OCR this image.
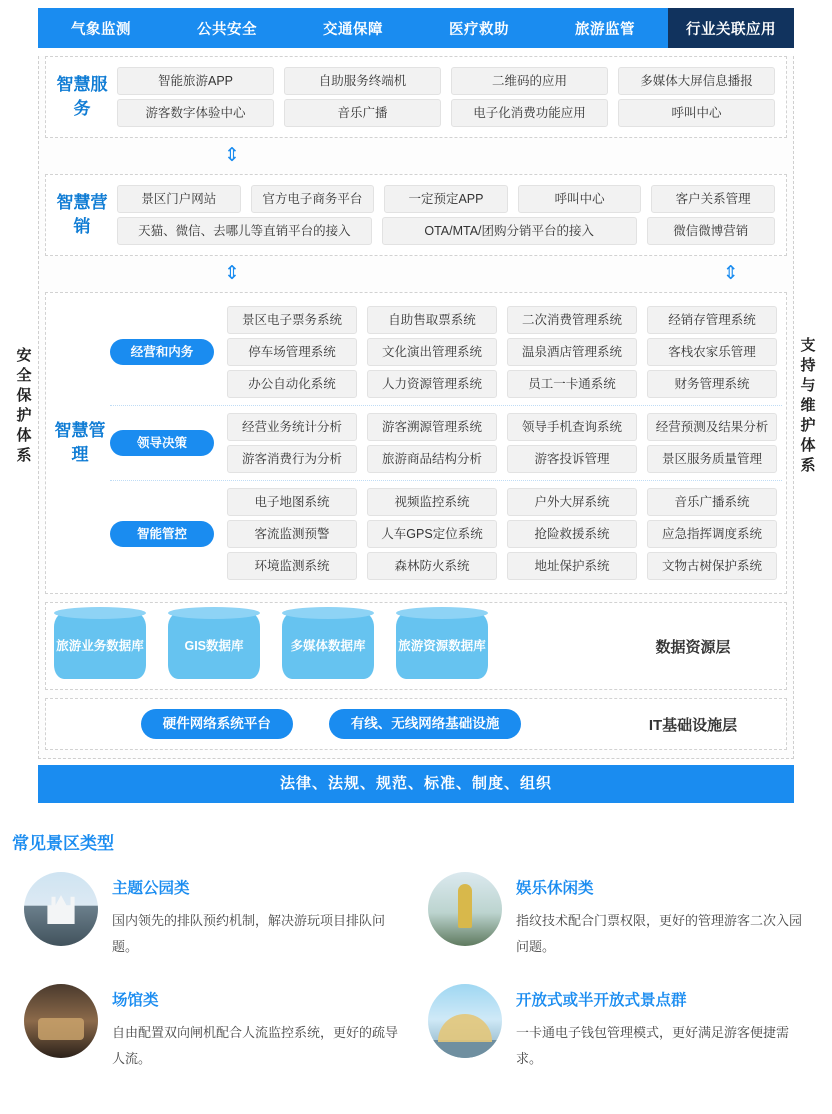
安
全
保
护
体
系
气象监测	公共安全	交通保障	医疗救助	旅游监管	行业关联应用
智慧服务
智能旅游APP	自助服务终端机	二维码的应用	多媒体大屏信息播报
游客数字体验中心	音乐广播	电子化消费功能应用	呼叫中心
⇕
智慧营销
景区门户网站	官方电子商务平台	一定预定APP	呼叫中心	客户关系管理
天猫、微信、去哪儿等直销平台的接入	OTA/MTA/团购分销平台的接入	微信微博营销
⇕	⇕
智慧管理
经营和内务
景区电子票务系统	自助售取票系统	二次消费管理系统	经销存管理系统
停车场管理系统	文化演出管理系统	温泉酒店管理系统	客栈农家乐管理
办公自动化系统	人力资源管理系统	员工一卡通系统	财务管理系统
领导决策
经营业务统计分析	游客溯源管理系统	领导手机查询系统	经营预测及结果分析
游客消费行为分析	旅游商品结构分析	游客投诉管理	景区服务质量管理
智能管控
电子地图系统	视频监控系统	户外大屏系统	音乐广播系统
客流监测预警	人车GPS定位系统	抢险救援系统	应急指挥调度系统
环境监测系统	森林防火系统	地址保护系统	文物古树保护系统
旅游业务 数据库	GIS 数据库	多媒体 数据库	旅游资源 数据库	数据资源层
硬件网络系统平台	有线、无线网络基础设施	IT基础设施层
法律、法规、规范、标准、制度、组织
支
持
与
维
护
体
系
常见景区类型
主题公园类
国内领先的排队预约机制，解决游玩项目排队问题。
娱乐休闲类
指纹技术配合门票权限，更好的管理游客二次入园问题。
场馆类
自由配置双向闸机配合人流监控系统，更好的疏导人流。
开放式或半开放式景点群
一卡通电子钱包管理模式，更好满足游客便捷需求。
